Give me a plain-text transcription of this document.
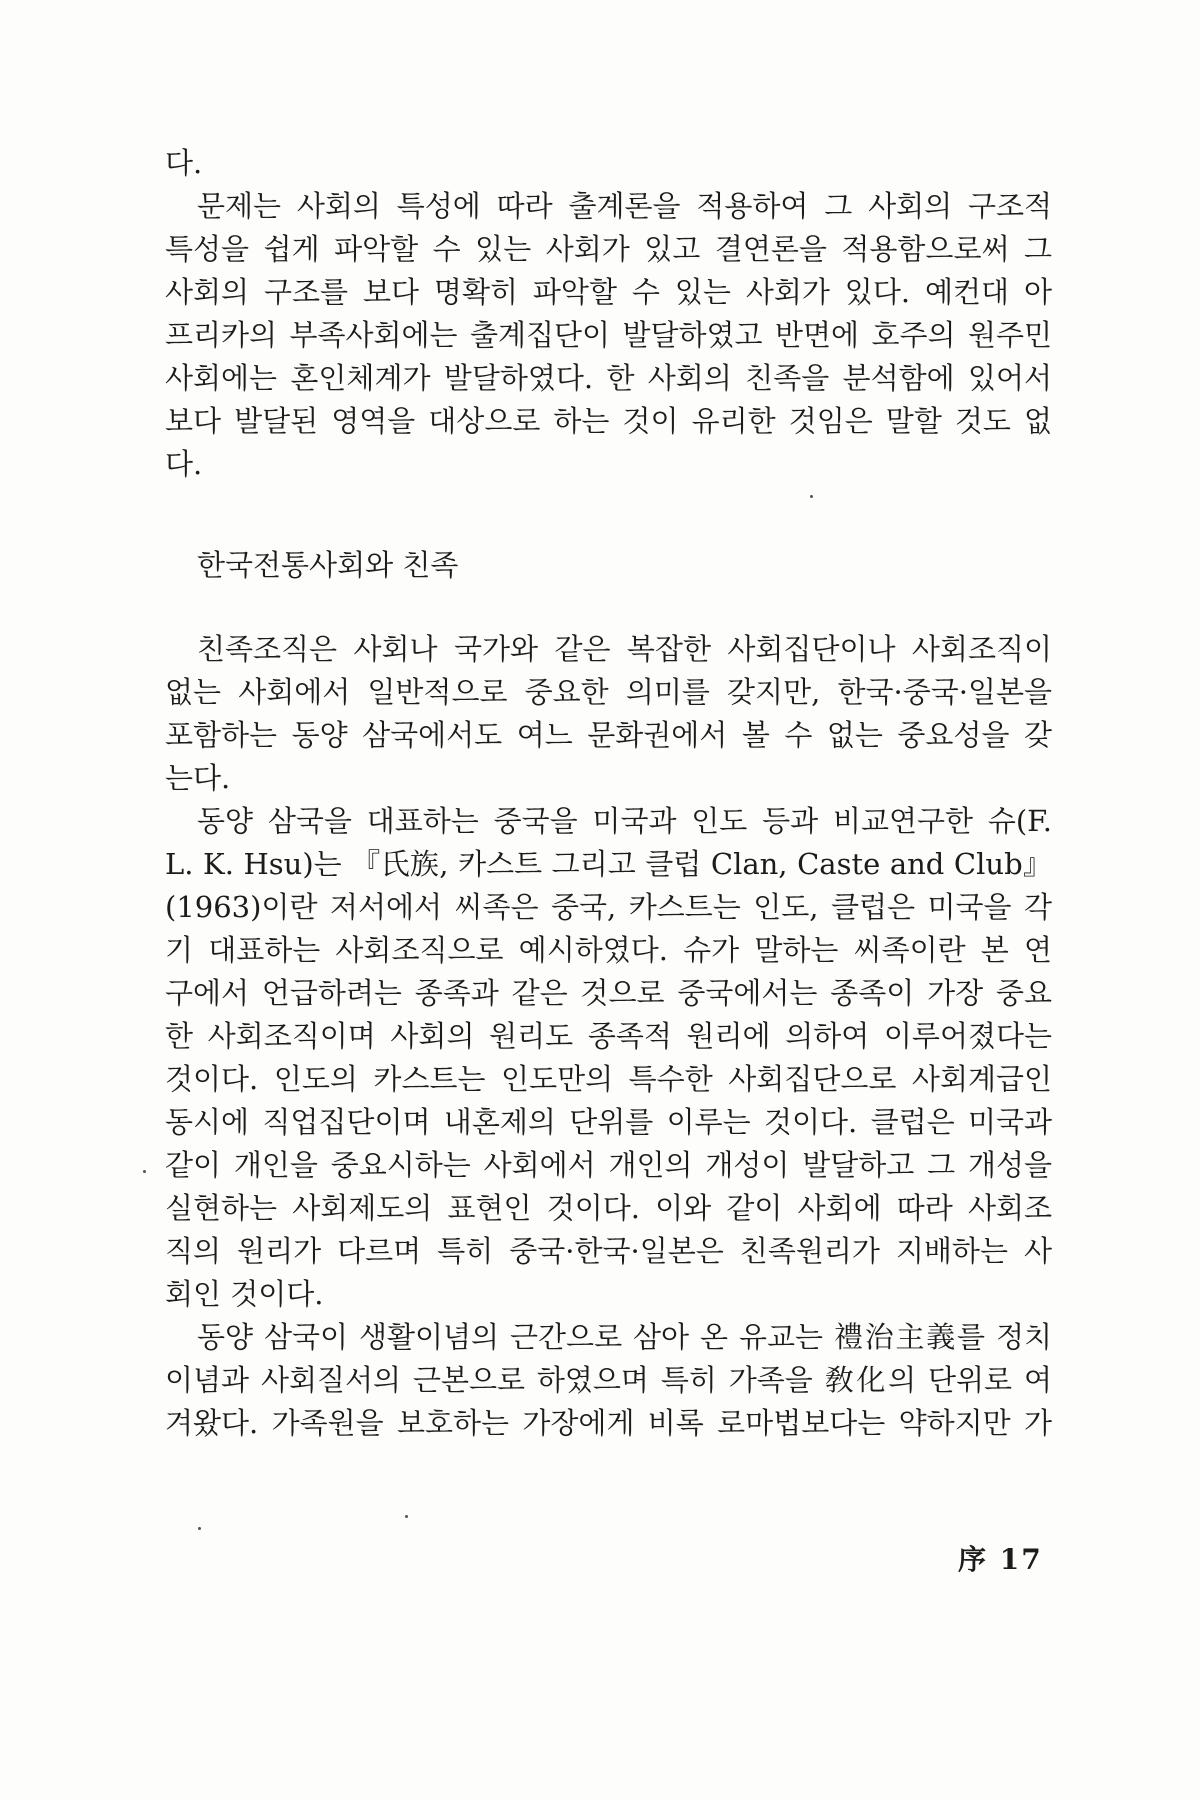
다.
문제는 사회의 특성에 따라 출계론을 적용하여 그 사회의 구조적
특성을 쉽게 파악할 수 있는 사회가 있고 결연론을 적용함으로써 그
사회의 구조를 보다 명확히 파악할 수 있는 사회가 있다. 예컨대 아
프리카의 부족사회에는 출계집단이 발달하였고 반면에 호주의 원주민
사회에는 혼인체계가 발달하였다. 한 사회의 친족을 분석함에 있어서
보다 발달된 영역을 대상으로 하는 것이 유리한 것임은 말할 것도 없
다.
한국전통사회와 친족
친족조직은 사회나 국가와 같은 복잡한 사회집단이나 사회조직이
없는 사회에서 일반적으로 중요한 의미를 갖지만, 한국·중국·일본을
포함하는 동양 삼국에서도 여느 문화권에서 볼 수 없는 중요성을 갖
는다.
동양 삼국을 대표하는 중국을 미국과 인도 등과 비교연구한 슈(F.
L. K. Hsu)는 『氏族, 카스트 그리고 클럽 Clan, Caste and Club』
(1963)이란 저서에서 씨족은 중국, 카스트는 인도, 클럽은 미국을 각
기 대표하는 사회조직으로 예시하였다. 슈가 말하는 씨족이란 본 연
구에서 언급하려는 종족과 같은 것으로 중국에서는 종족이 가장 중요
한 사회조직이며 사회의 원리도 종족적 원리에 의하여 이루어졌다는
것이다. 인도의 카스트는 인도만의 특수한 사회집단으로 사회계급인
동시에 직업집단이며 내혼제의 단위를 이루는 것이다. 클럽은 미국과
같이 개인을 중요시하는 사회에서 개인의 개성이 발달하고 그 개성을
실현하는 사회제도의 표현인 것이다. 이와 같이 사회에 따라 사회조
직의 원리가 다르며 특히 중국·한국·일본은 친족원리가 지배하는 사
회인 것이다.
동양 삼국이 생활이념의 근간으로 삼아 온 유교는 禮治主義를 정치
이념과 사회질서의 근본으로 하였으며 특히 가족을 敎化의 단위로 여
겨왔다. 가족원을 보호하는 가장에게 비록 로마법보다는 약하지만 가
序 17
